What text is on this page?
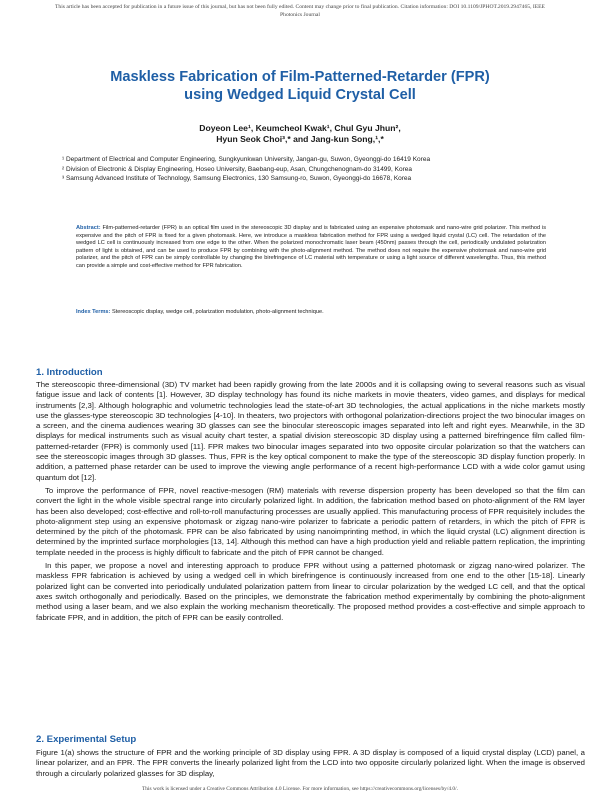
This article has been accepted for publication in a future issue of this journal, but has not been fully edited. Content may change prior to final publication. Citation information: DOI 10.1109/JPHOT.2019.2947465, IEEE
Photonics Journal
Maskless Fabrication of Film-Patterned-Retarder (FPR)
using Wedged Liquid Crystal Cell
Doyeon Lee¹, Keumcheol Kwak¹, Chul Gyu Jhun²,
Hyun Seok Choi³,* and Jang-kun Song,¹,*
¹ Department of Electrical and Computer Engineering, Sungkyunkwan University, Jangan-gu, Suwon, Gyeonggi-do 16419 Korea
² Division of Electronic & Display Engineering, Hoseo University, Baebang-eup, Asan, Chungchenognam-do 31499, Korea
³ Samsung Advanced Institute of Technology, Samsung Electronics, 130 Samsung-ro, Suwon, Gyeonggi-do 16678, Korea
Abstract: Film-patterned-retarder (FPR) is an optical film used in the stereoscopic 3D display and is fabricated using an expensive photomask and nano-wire grid polarizer. This method is expensive and the pitch of FPR is fixed for a given photomask. Here, we introduce a maskless fabrication method for FPR using a wedged liquid crystal (LC) cell. The retardation of the wedged LC cell is continuously increased from one edge to the other. When the polarized monochromatic laser beam (450nm) passes through the cell, periodically undulated polarization pattern of light is obtained, and can be used to produce FPR by combining with the photo-alignment method. The method does not require the expensive photomask and nano-wire grid polarizer, and the pitch of FPR can be simply controllable by changing the birefringence of LC material with temperature or using a light source of different wavelengths. Thus, this method can provide a simple and cost-effective method for FPR fabrication.
Index Terms: Stereoscopic display, wedge cell, polarization modulation, photo-alignment technique.
1. Introduction

The stereoscopic three-dimensional (3D) TV market had been rapidly growing from the late 2000s and it is collapsing owing to several reasons such as visual fatigue issue and lack of contents [1]. However, 3D display technology has found its niche markets in movie theaters, video games, and displays for medical instruments [2,3]. Although holographic and volumetric technologies lead the state-of-art 3D technologies, the actual applications in the niche markets mostly use the glasses-type stereoscopic 3D technologies [4-10]. In theaters, two projectors with orthogonal polarization-directions project the two binocular images on a screen, and the cinema audiences wearing 3D glasses can see the binocular stereoscopic images separated into left and right eyes. Meanwhile, in the 3D displays for medical instruments such as visual acuity chart tester, a spatial division stereoscopic 3D display using a patterned birefringence film called film-patterned-retarder (FPR) is commonly used [11]. FPR makes two binocular images separated into two opposite circular polarization so that the watchers can see the stereoscopic images through 3D glasses. Thus, FPR is the key optical component to make the type of the stereoscopic 3D display function properly. In addition, a patterned phase retarder can be used to improve the viewing angle performance of a recent high-performance LCD with a wide color gamut using quantum dot [12].

To improve the performance of FPR, novel reactive-mesogen (RM) materials with reverse dispersion property has been developed so that the film can convert the light in the whole visible spectral range into circularly polarized light. In addition, the fabrication method based on photo-alignment of the RM layer has been also developed; cost-effective and roll-to-roll manufacturing processes are usually applied. This manufacturing process of FPR requisitely includes the photo-alignment step using an expensive photomask or zigzag nano-wire polarizer to fabricate a periodic pattern of retarders, in which the pitch of FPR is determined by the pitch of the photomask. FPR can be also fabricated by using nanoimprinting method, in which the liquid crystal (LC) alignment direction is determined by the imprinted surface morphologies [13, 14]. Although this method can have a high production yield and reliable pattern replication, the imprinting template needed in the process is highly difficult to fabricate and the pitch of FPR cannot be changed.

In this paper, we propose a novel and interesting approach to produce FPR without using a patterned photomask or zigzag nano-wired polarizer. The maskless FPR fabrication is achieved by using a wedged cell in which birefringence is continuously increased from one end to the other [15-18]. Linearly polarized light can be converted into periodically undulated polarization pattern from linear to circular polarization by the wedged LC cell, and that the optical axes switch orthogonally and periodically. Based on the principles, we demonstrate the fabrication method experimentally by combining the photo-alignment method using a laser beam, and we also explain the working mechanism theoretically. The proposed method provides a cost-effective and simple approach to fabricate FPR, and in addition, the pitch of FPR can be easily controlled.

2. Experimental Setup

Figure 1(a) shows the structure of FPR and the working principle of 3D display using FPR. A 3D display is composed of a liquid crystal display (LCD) panel, a linear polarizer, and an FPR. The FPR converts the linearly polarized light from the LCD into two opposite circularly polarized light. When the image is observed through a circularly polarized glasses for 3D display,

This work is licensed under a Creative Commons Attribution 4.0 License. For more information, see https://creativecommons.org/licenses/by/4.0/.
